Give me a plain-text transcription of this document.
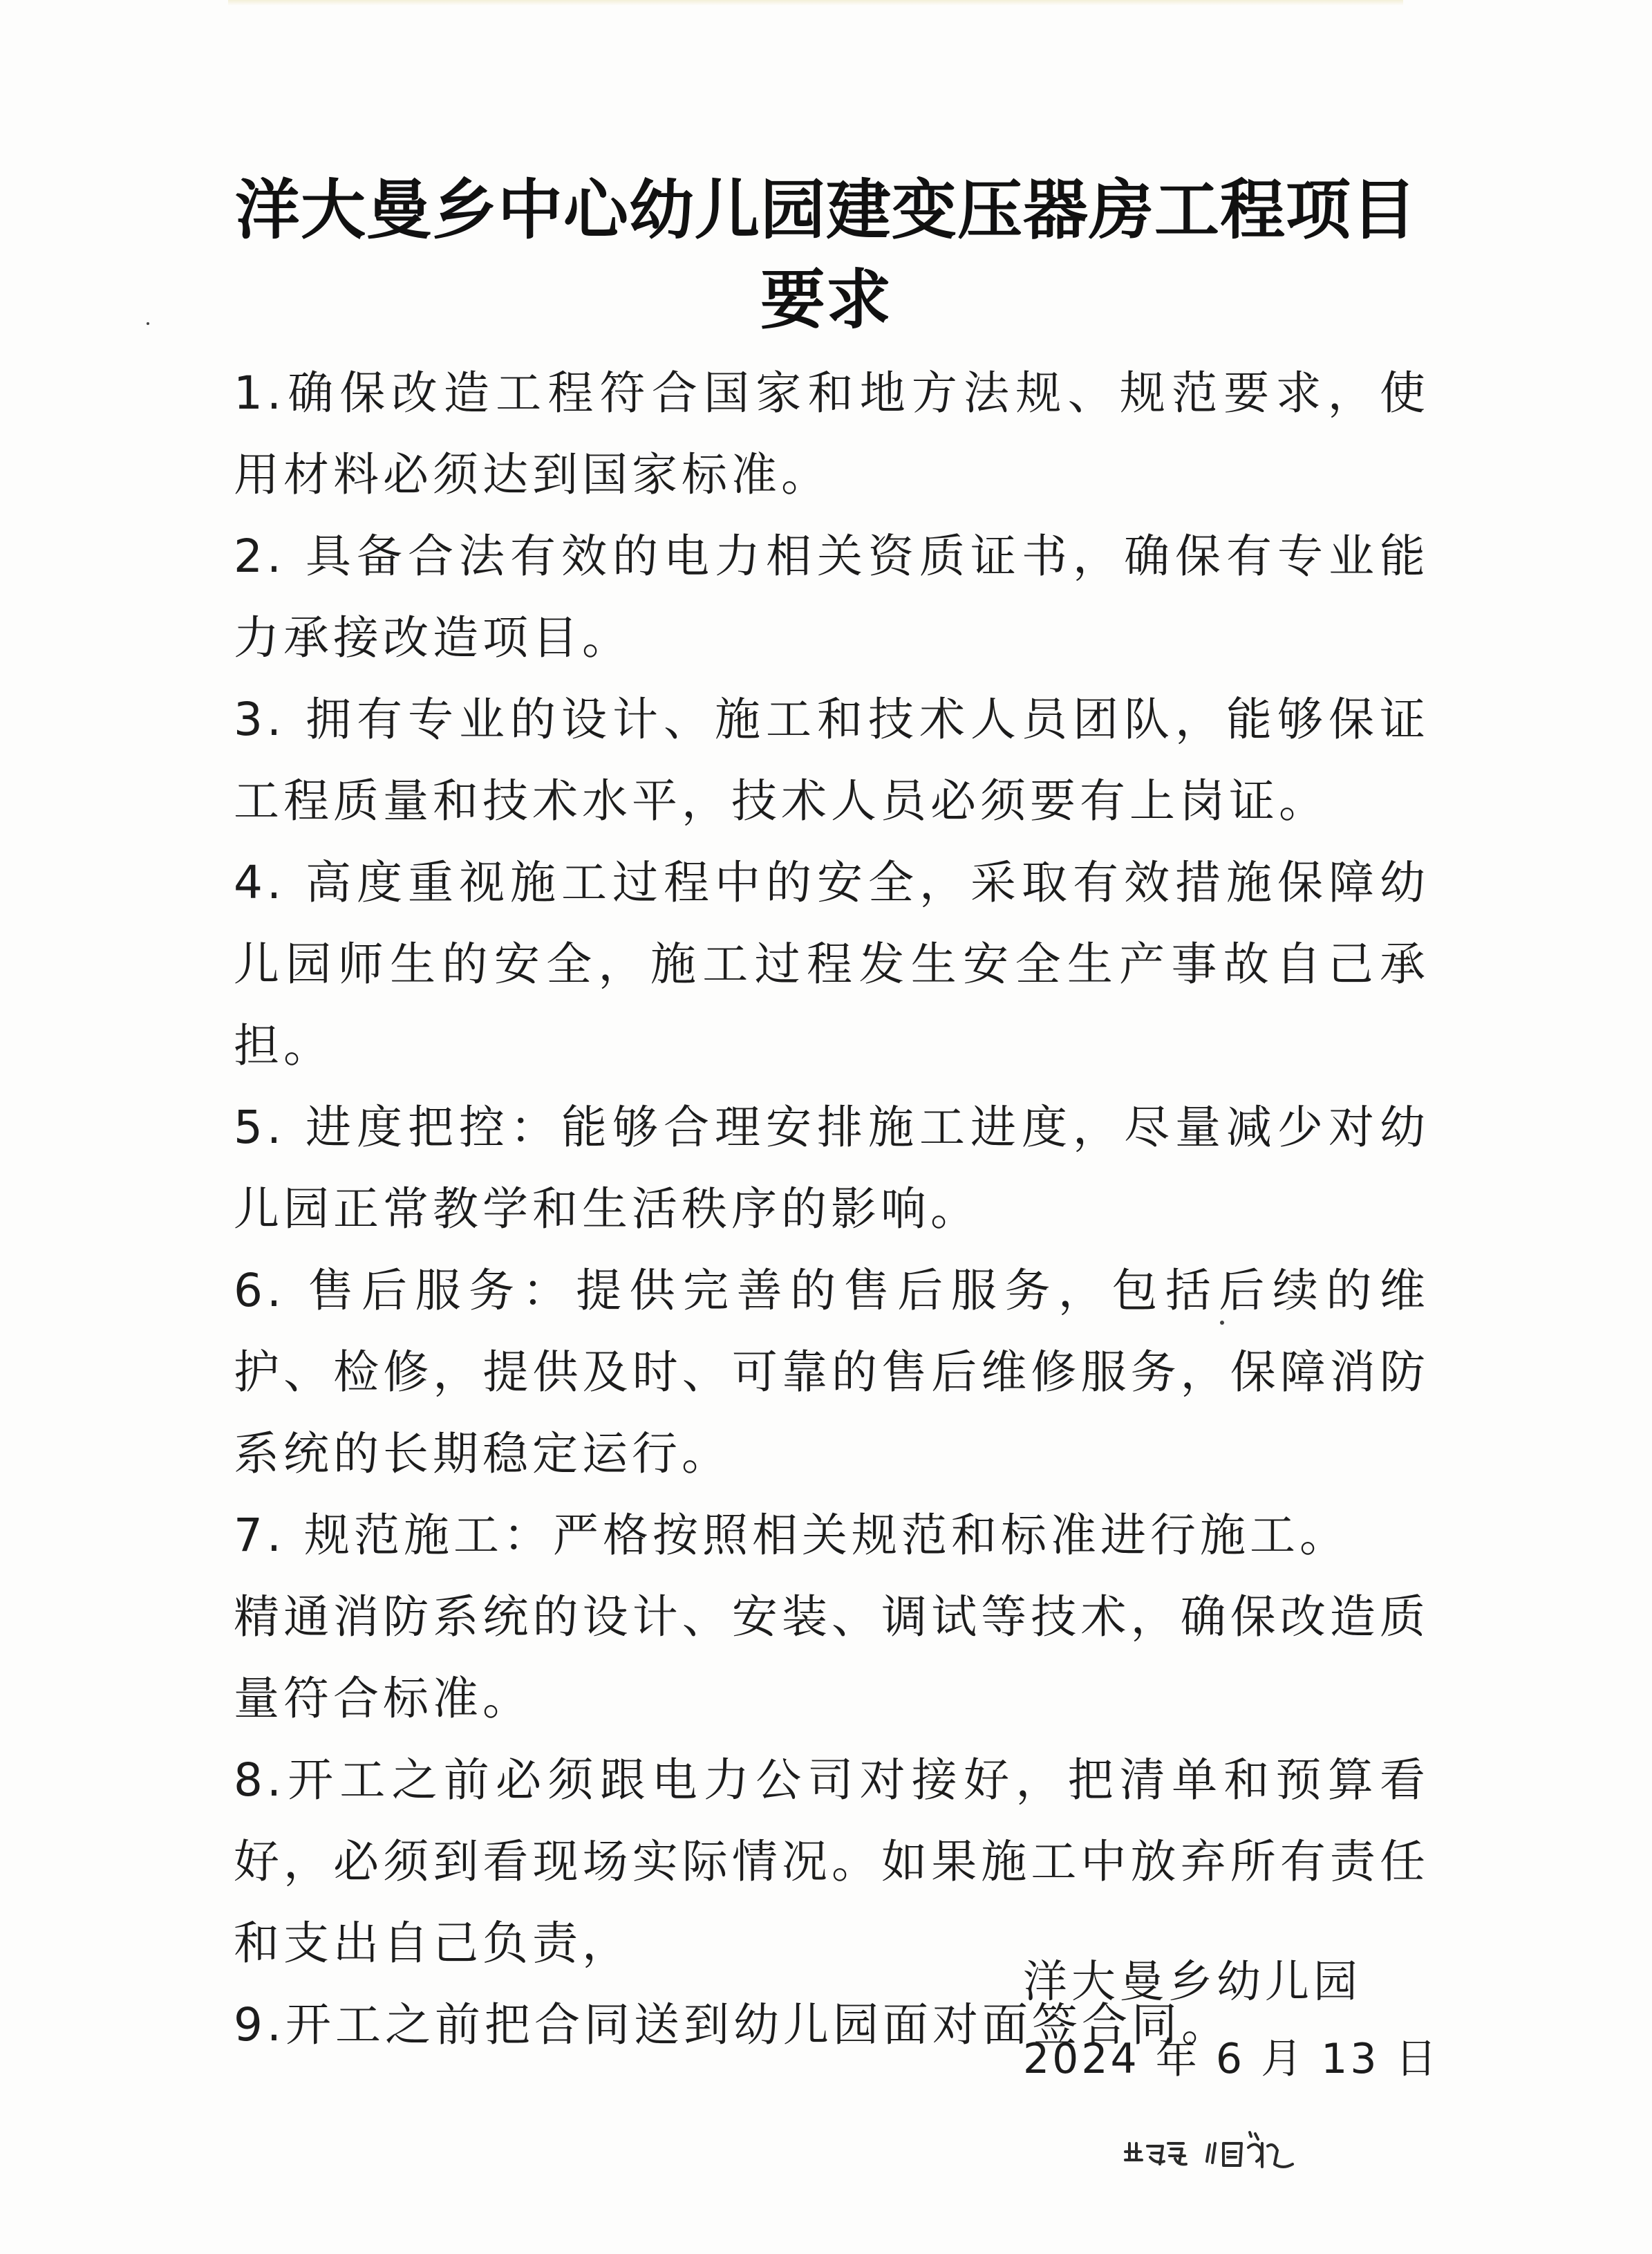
洋大曼乡中心幼儿园建变压器房工程项目
要求

1.确保改造工程符合国家和地方法规、规范要求，使用材料必须达到国家标准。

2. 具备合法有效的电力相关资质证书，确保有专业能力承接改造项目。

3. 拥有专业的设计、施工和技术人员团队，能够保证工程质量和技术水平，技术人员必须要有上岗证。

4. 高度重视施工过程中的安全，采取有效措施保障幼儿园师生的安全，施工过程发生安全生产事故自己承担。

5. 进度把控：能够合理安排施工进度，尽量减少对幼儿园正常教学和生活秩序的影响。

6. 售后服务：提供完善的售后服务，包括后续的维护、检修，提供及时、可靠的售后维修服务，保障消防系统的长期稳定运行。

7. 规范施工：严格按照相关规范和标准进行施工。

精通消防系统的设计、安装、调试等技术，确保改造质量符合标准。

8.开工之前必须跟电力公司对接好，把清单和预算看好，必须到看现场实际情况。如果施工中放弃所有责任和支出自己负责，

9.开工之前把合同送到幼儿园面对面签合同。

洋大曼乡幼儿园
2024 年 6 月 13 日
